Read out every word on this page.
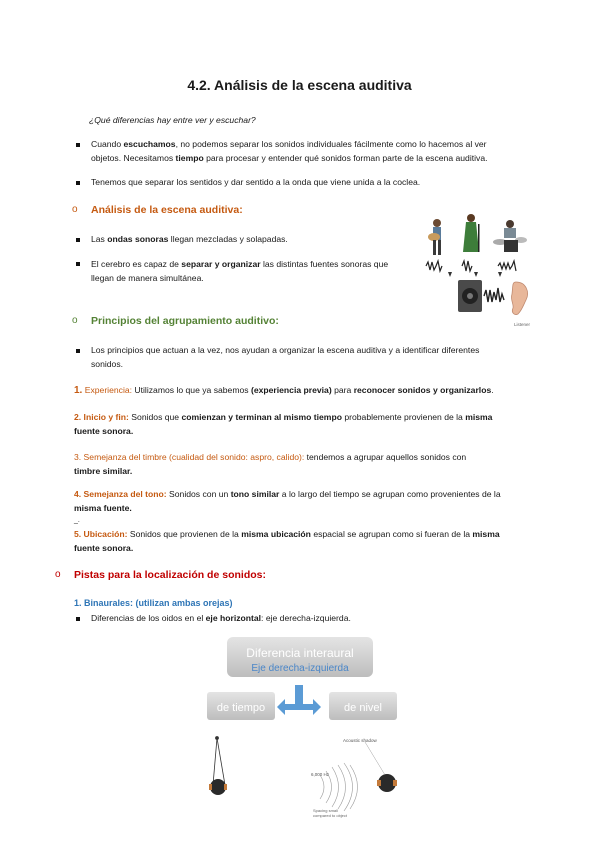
4.2. Análisis de la escena auditiva
¿Qué diferencias hay entre ver y escuchar?
Cuando escuchamos, no podemos separar los sonidos individuales fácilmente como lo hacemos al ver
objetos. Necesitamos tiempo para procesar y entender qué sonidos forman parte de la escena auditiva.
Tenemos que separar los sentidos y dar sentido a la onda que viene unida a la coclea.
o Análisis de la escena auditiva:
Las ondas sonoras llegan mezcladas y solapadas.
El cerebro es capaz de separar y organizar las distintas fuentes sonoras que
llegan de manera simultánea.
Listener
o Principios del agrupamiento auditivo:
Los principios que actuan a la vez, nos ayudan a organizar la escena auditiva y a identificar diferentes
sonidos.
1. Experiencia: Utilizamos lo que ya sabemos (experiencia previa) para reconocer sonidos y organizarlos.
2. Inicio y fin: Sonidos que comienzan y terminan al mismo tiempo probablemente provienen de la misma
fuente sonora.
3. Semejanza del timbre (cualidad del sonido: aspro, calido): tendemos a agrupar aquellos sonidos con
timbre similar.
4. Semejanza del tono: Sonidos con un tono similar a lo largo del tiempo se agrupan como provenientes de la
misma fuente.
_.
5. Ubicación: Sonidos que provienen de la misma ubicación espacial se agrupan como si fueran de la misma
fuente sonora.
o Pistas para la localización de sonidos:
1. Binaurales: (utilizan ambas orejas)
Diferencias de los oidos en el eje horizontal: eje derecha-izquierda.
Diferencia interaural
Eje derecha-izquierda
de tiempo	de nivel
Acoustic shadow
6,000 Hz
Spacing small
compared to object
